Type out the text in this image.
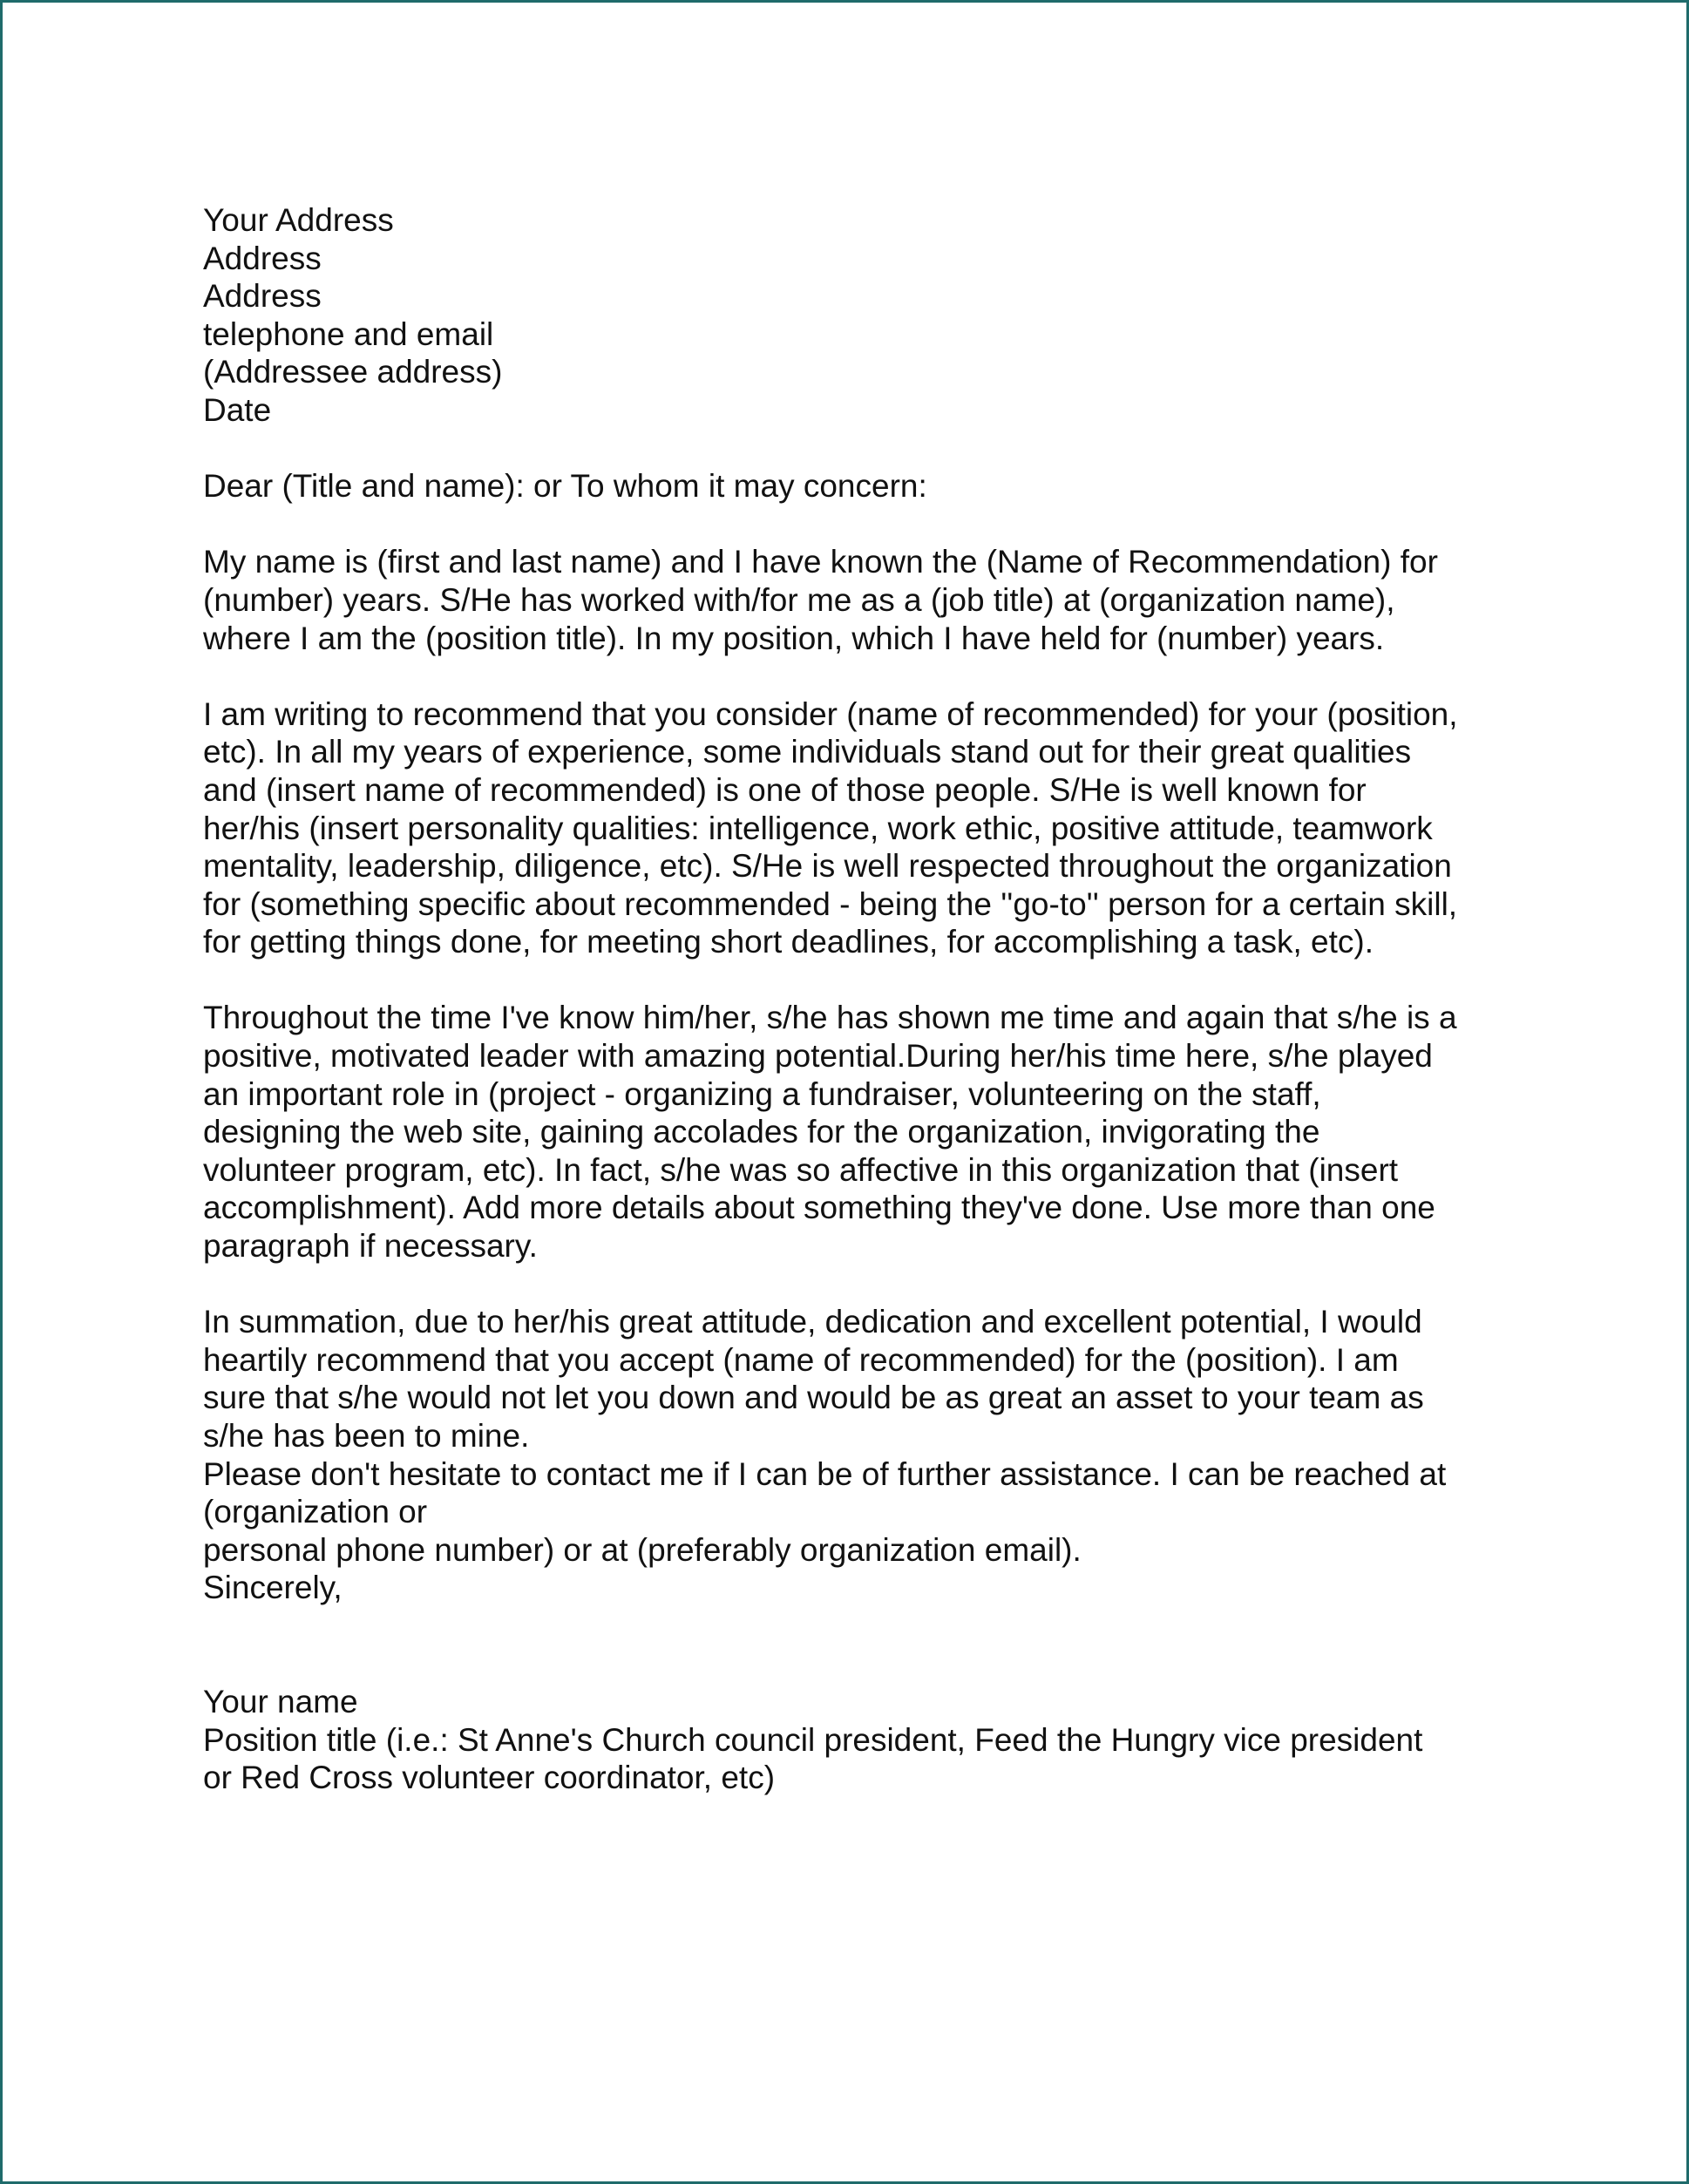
Your Address
Address
Address
telephone and email
(Addressee address)
Date
Dear (Title and name): or To whom it may concern:
My name is (first and last name) and I have known the (Name of Recommendation) for
(number) years. S/He has worked with/for me as a (job title) at (organization name),
where I am the (position title). In my position, which I have held for (number) years.
I am writing to recommend that you consider (name of recommended) for your (position,
etc). In all my years of experience, some individuals stand out for their great qualities
and (insert name of recommended) is one of those people. S/He is well known for
her/his (insert personality qualities: intelligence, work ethic, positive attitude, teamwork
mentality, leadership, diligence, etc). S/He is well respected throughout the organization
for (something specific about recommended - being the ''go-to'' person for a certain skill,
for getting things done, for meeting short deadlines, for accomplishing a task, etc).
Throughout the time I've know him/her, s/he has shown me time and again that s/he is a
positive, motivated leader with amazing potential.During her/his time here, s/he played
an important role in (project - organizing a fundraiser, volunteering on the staff,
designing the web site, gaining accolades for the organization, invigorating the
volunteer program, etc). In fact, s/he was so affective in this organization that (insert
accomplishment). Add more details about something they've done. Use more than one
paragraph if necessary.
In summation, due to her/his great attitude, dedication and excellent potential, I would
heartily recommend that you accept (name of recommended) for the (position). I am
sure that s/he would not let you down and would be as great an asset to your team as
s/he has been to mine.
Please don't hesitate to contact me if I can be of further assistance. I can be reached at
(organization or
personal phone number) or at (preferably organization email).
Sincerely,
Your name
Position title (i.e.: St Anne's Church council president, Feed the Hungry vice president
or Red Cross volunteer coordinator, etc)
